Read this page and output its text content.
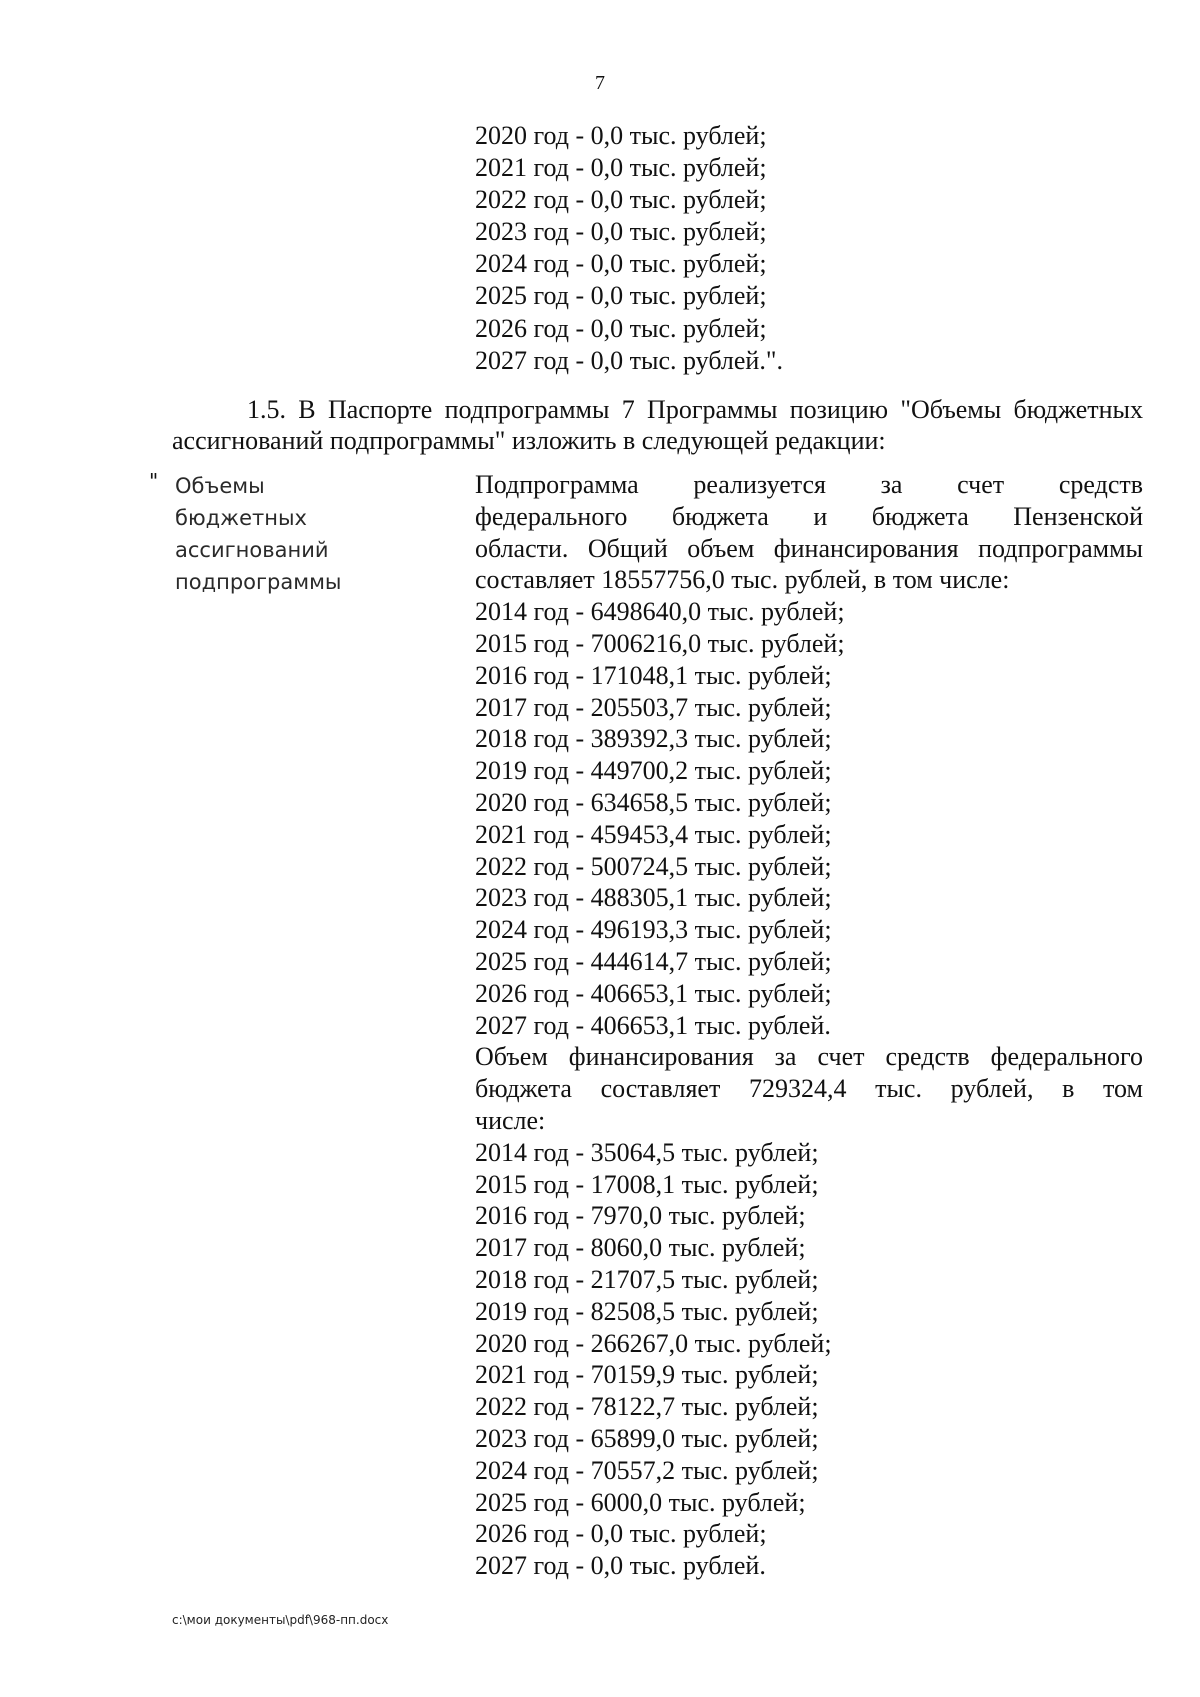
7
2020 год - 0,0 тыс. рублей;
2021 год - 0,0 тыс. рублей;
2022 год - 0,0 тыс. рублей;
2023 год - 0,0 тыс. рублей;
2024 год - 0,0 тыс. рублей;
2025 год - 0,0 тыс. рублей;
2026 год - 0,0 тыс. рублей;
2027 год - 0,0 тыс. рублей.".
1.5. В Паспорте подпрограммы 7 Программы позицию "Объемы бюджетных
ассигнований подпрограммы" изложить в следующей редакции:
" Объемы
бюджетных
ассигнований
подпрограммы
Подпрограмма реализуется за счет средств
федерального бюджета и бюджета Пензенской
области. Общий объем финансирования подпрограммы
составляет 18557756,0 тыс. рублей, в том числе:
2014 год - 6498640,0 тыс. рублей;
2015 год - 7006216,0 тыс. рублей;
2016 год - 171048,1 тыс. рублей;
2017 год - 205503,7 тыс. рублей;
2018 год - 389392,3 тыс. рублей;
2019 год - 449700,2 тыс. рублей;
2020 год - 634658,5 тыс. рублей;
2021 год - 459453,4 тыс. рублей;
2022 год - 500724,5 тыс. рублей;
2023 год - 488305,1 тыс. рублей;
2024 год - 496193,3 тыс. рублей;
2025 год - 444614,7 тыс. рублей;
2026 год - 406653,1 тыс. рублей;
2027 год - 406653,1 тыс. рублей.
Объем финансирования за счет средств федерального
бюджета составляет 729324,4 тыс. рублей, в том
числе:
2014 год - 35064,5 тыс. рублей;
2015 год - 17008,1 тыс. рублей;
2016 год - 7970,0 тыс. рублей;
2017 год - 8060,0 тыс. рублей;
2018 год - 21707,5 тыс. рублей;
2019 год - 82508,5 тыс. рублей;
2020 год - 266267,0 тыс. рублей;
2021 год - 70159,9 тыс. рублей;
2022 год - 78122,7 тыс. рублей;
2023 год - 65899,0 тыс. рублей;
2024 год - 70557,2 тыс. рублей;
2025 год - 6000,0 тыс. рублей;
2026 год - 0,0 тыс. рублей;
2027 год - 0,0 тыс. рублей.
c:\мои документы\pdf\968-пп.docx
